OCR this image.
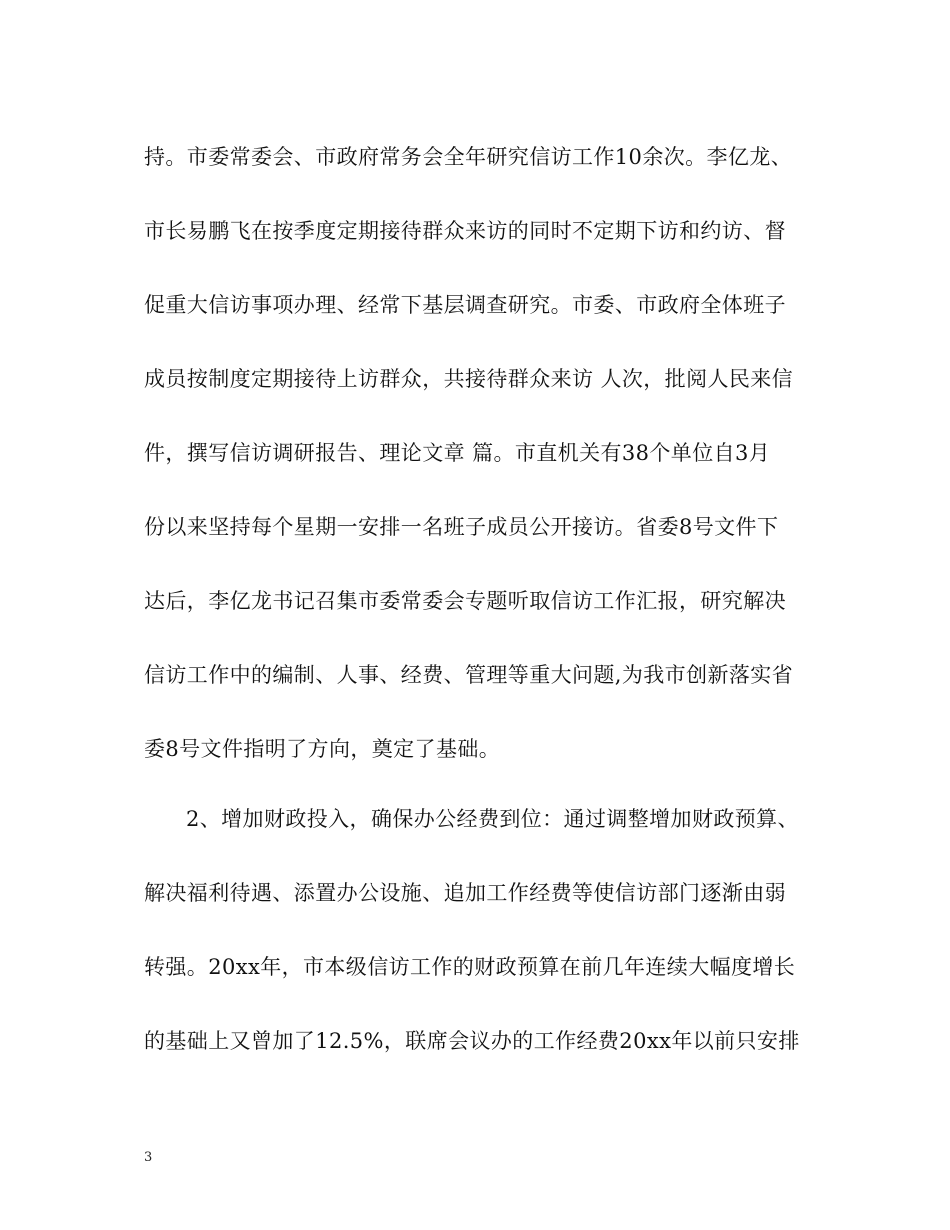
持。市委常委会、市政府常务会全年研究信访工作10余次。李亿龙、
市长易鹏飞在按季度定期接待群众来访的同时不定期下访和约访、督
促重大信访事项办理、经常下基层调查研究。市委、市政府全体班子
成员按制度定期接待上访群众，共接待群众来访 人次，批阅人民来信
件，撰写信访调研报告、理论文章 篇。市直机关有38个单位自3月
份以来坚持每个星期一安排一名班子成员公开接访。省委8号文件下
达后，李亿龙书记召集市委常委会专题听取信访工作汇报，研究解决
信访工作中的编制、人事、经费、管理等重大问题,为我市创新落实省
委8号文件指明了方向，奠定了基础。
2、增加财政投入，确保办公经费到位：通过调整增加财政预算、
解决福利待遇、添置办公设施、追加工作经费等使信访部门逐渐由弱
转强。20xx年，市本级信访工作的财政预算在前几年连续大幅度增长
的基础上又曾加了12.5%，联席会议办的工作经费20xx年以前只安排
3
